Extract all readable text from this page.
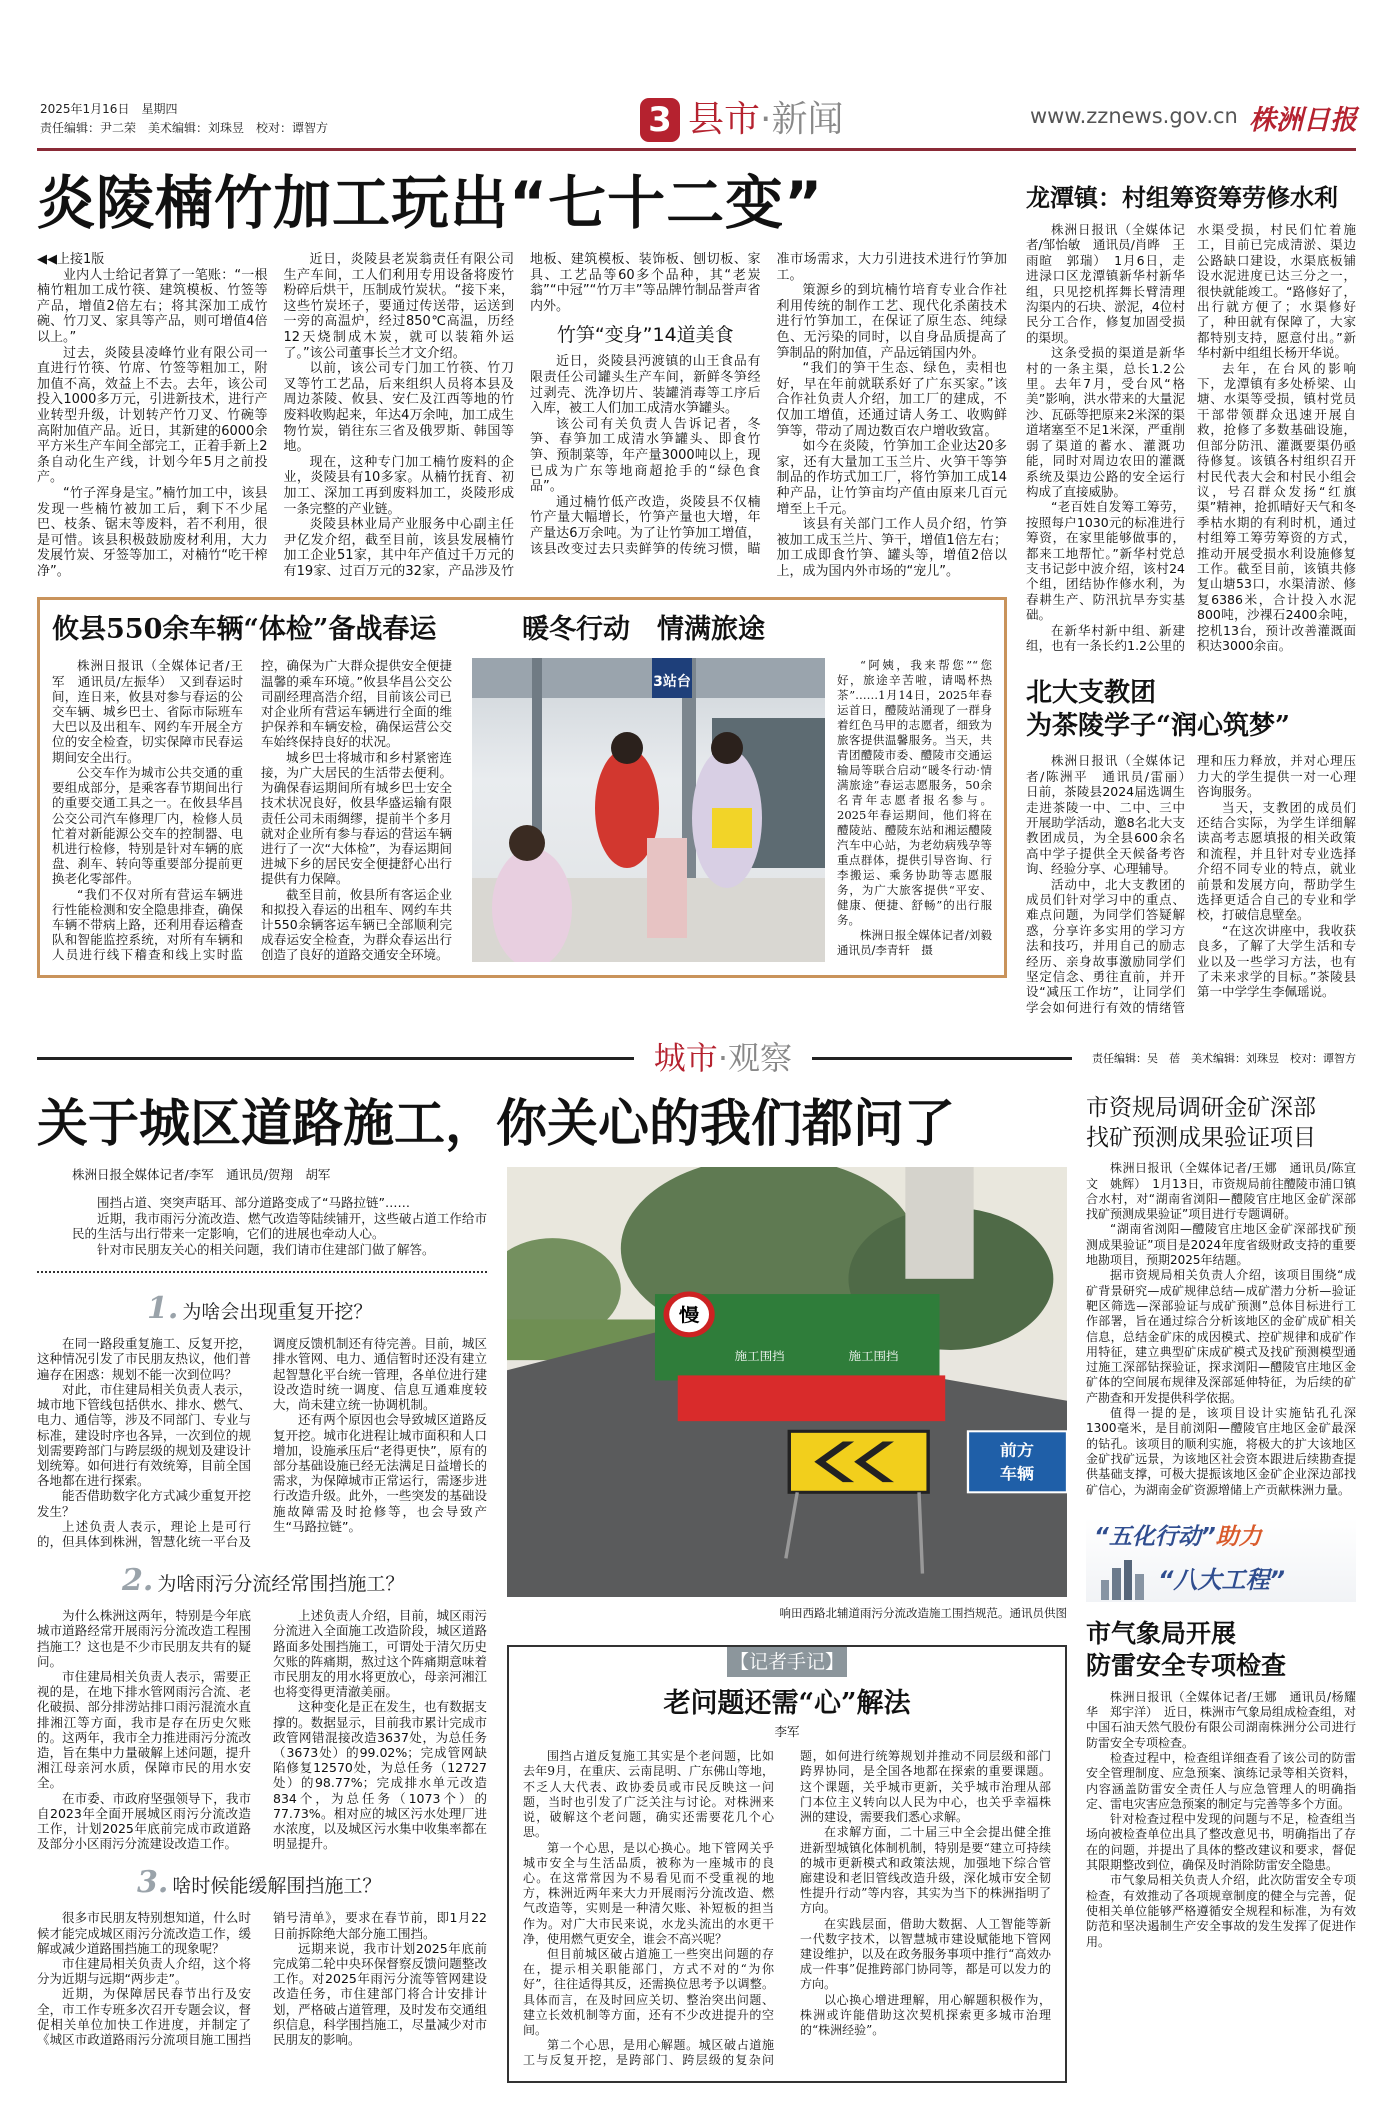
2025年1月16日　星期四
责任编辑：尹二荣　美术编辑：刘珠昱　校对：谭智方	3 县市·新闻	www.zznews.gov.cn 株洲日报
炎陵楠竹加工玩出“七十二变”
◀◀上接1版

业内人士给记者算了一笔账：“一根楠竹粗加工成竹筷、建筑模板、竹签等产品，增值2倍左右；将其深加工成竹碗、竹刀叉、家具等产品，则可增值4倍以上。”

过去，炎陵县凌峰竹业有限公司一直进行竹筷、竹席、竹签等粗加工，附加值不高，效益上不去。去年，该公司投入1000多万元，引进新技术，进行产业转型升级，计划转产竹刀叉、竹碗等高附加值产品。近日，其新建的6000余平方米生产车间全部完工，正着手新上2条自动化生产线，计划今年5月之前投产。

“竹子浑身是宝。”楠竹加工中，该县发现一些楠竹被加工后，剩下不少尾巴、枝条、锯末等废料，若不利用，很是可惜。该县积极鼓励废材利用，大力发展竹炭、牙签等加工，对楠竹“吃干榨净”。

近日，炎陵县老炭翁责任有限公司生产车间，工人们利用专用设备将废竹粉碎后烘干，压制成竹炭状。“接下来，这些竹炭坯子，要通过传送带，运送到一旁的高温炉，经过850℃高温，历经12天烧制成木炭，就可以装箱外运了。”该公司董事长兰才文介绍。

以前，该公司专门加工竹筷、竹刀叉等竹工艺品，后来组织人员将本县及周边茶陵、攸县、安仁及江西等地的竹废料收购起来，年达4万余吨，加工成生物竹炭，销往东三省及俄罗斯、韩国等地。

现在，这种专门加工楠竹废料的企业，炎陵县有10多家。从楠竹抚育、初加工、深加工再到废料加工，炎陵形成一条完整的产业链。

炎陵县林业局产业服务中心副主任尹亿发介绍，截至目前，该县发展楠竹加工企业51家，其中年产值过千万元的有19家、过百万元的32家，产品涉及竹地板、建筑模板、装饰板、刨切板、家具、工艺品等60多个品种，其“老炭翁”“中冠”“竹万丰”等品牌竹制品誉声省内外。

竹笋“变身”14道美食

近日，炎陵县沔渡镇的山王食品有限责任公司罐头生产车间，新鲜冬笋经过剥壳、洗净切片、装罐消毒等工序后入库，被工人们加工成清水笋罐头。

该公司有关负责人告诉记者，冬笋、春笋加工成清水笋罐头、即食竹笋、预制菜等，年产量3000吨以上，现已成为广东等地商超抢手的“绿色食品”。

通过楠竹低产改造，炎陵县不仅楠竹产量大幅增长，竹笋产量也大增，年产量达6万余吨。为了让竹笋加工增值，该县改变过去只卖鲜笋的传统习惯，瞄准市场需求，大力引进技术进行竹笋加工。

策源乡的到坑楠竹培育专业合作社利用传统的制作工艺、现代化杀菌技术进行竹笋加工，在保证了原生态、纯绿色、无污染的同时，以自身品质提高了笋制品的附加值，产品远销国内外。

“我们的笋干生态、绿色，卖相也好，早在年前就联系好了广东买家。”该合作社负责人介绍，加工厂的建成，不仅加工增值，还通过请人务工、收购鲜笋等，带动了周边数百农户增收致富。

如今在炎陵，竹笋加工企业达20多家，还有大量加工玉兰片、火笋干等笋制品的作坊式加工厂，将竹笋加工成14种产品，让竹笋亩均产值由原来几百元增至上千元。

该县有关部门工作人员介绍，竹笋被加工成玉兰片、笋干，增值1倍左右；加工成即食竹笋、罐头等，增值2倍以上，成为国内外市场的“宠儿”。

攸县550余车辆“体检”备战春运

株洲日报讯（全媒体记者/王军　通讯员/左振华）　又到春运时间，连日来，攸县对参与春运的公交车辆、城乡巴士、省际市际班车大巴以及出租车、网约车开展全方位的安全检查，切实保障市民春运期间安全出行。

公交车作为城市公共交通的重要组成部分，是乘客春节期间出行的重要交通工具之一。在攸县华昌公交公司汽车修理厂内，检修人员忙着对新能源公交车的控制器、电机进行检修，特别是针对车辆的底盘、刹车、转向等重要部分提前更换老化零部件。

“我们不仅对所有营运车辆进行性能检测和安全隐患排查，确保车辆不带病上路，还利用春运稽查队和智能监控系统，对所有车辆和人员进行线下稽查和线上实时监控，确保为广大群众提供安全便捷温馨的乘车环境。”攸县华昌公交公司副经理高浩介绍，目前该公司已对企业所有营运车辆进行全面的维护保养和车辆安检，确保运营公交车始终保持良好的状况。

城乡巴士将城市和乡村紧密连接，为广大居民的生活带去便利。为确保春运期间所有城乡巴士安全技术状况良好，攸县华盛运输有限责任公司未雨绸缪，提前半个多月就对企业所有参与春运的营运车辆进行了一次“大体检”，为春运期间进城下乡的居民安全便捷舒心出行提供有力保障。

截至目前，攸县所有客运企业和拟投入春运的出租车、网约车共计550余辆客运车辆已全部顺利完成春运安全检查，为群众春运出行创造了良好的道路交通安全环境。

暖冬行动　情满旅途
3站台

“阿姨，我来帮您”“您好，旅途辛苦啦，请喝杯热茶”……1月14日，2025年春运首日，醴陵站涌现了一群身着红色马甲的志愿者，细致为旅客提供温馨服务。当天，共青团醴陵市委、醴陵市交通运输局等联合启动“暖冬行动·情满旅途”春运志愿服务，50余名青年志愿者报名参与。2025年春运期间，他们将在醴陵站、醴陵东站和湘运醴陵汽车中心站，为老幼病残孕等重点群体，提供引导咨询、行李搬运、乘务协助等志愿服务，为广大旅客提供“平安、健康、便捷、舒畅”的出行服务。

株洲日报全媒体记者/刘毅　通讯员/李青轩　摄

龙潭镇：村组筹资筹劳修水利

株洲日报讯（全媒体记者/邹怡敏　通讯员/肖晔　王雨暄　郭瑞）　1月6日，走进渌口区龙潭镇新华村新华组，只见挖机挥舞长臂清理沟渠内的石块、淤泥，4位村民分工合作，修复加固受损的渠坝。

这条受损的渠道是新华村的一条主渠，总长1.2公里。去年7月，受台风“格美”影响，洪水带来的大量泥沙、瓦砾等把原来2米深的渠道堵塞至不足1米深，严重削弱了渠道的蓄水、灌溉功能，同时对周边农田的灌溉系统及渠边公路的安全运行构成了直接威胁。

“老百姓自发筹工筹劳，按照每户1030元的标准进行筹资，在家里能够做事的，都来工地帮忙。”新华村党总支书记彭中波介绍，该村24个组，团结协作修水利，为春耕生产、防汛抗旱夯实基础。

在新华村新中组、新建组，也有一条长约1.2公里的水渠受损，村民们忙着施工，目前已完成清淤、渠边公路缺口建设，水渠底板铺设水泥进度已达三分之一，很快就能竣工。“路修好了，出行就方便了；水渠修好了，种田就有保障了，大家都特别支持，愿意付出。”新华村新中组组长杨开华说。

去年，在台风的影响下，龙潭镇有多处桥梁、山塘、水渠等受损，镇村党员干部带领群众迅速开展自救，抢修了多数基础设施，但部分防汛、灌溉要渠仍亟待修复。该镇各村组织召开村民代表大会和村民小组会议，号召群众发扬“红旗渠”精神，抢抓晴好天气和冬季枯水期的有利时机，通过村组筹工筹劳筹资的方式，推动开展受损水利设施修复工作。截至目前，该镇共修复山塘53口，水渠清淤、修复6386米，合计投入水泥800吨，沙裸石2400余吨，挖机13台，预计改善灌溉面积达3000余亩。

北大支教团
为茶陵学子“润心筑梦”

株洲日报讯（全媒体记者/陈洲平　通讯员/雷丽）　日前，茶陵县2024届选调生走进茶陵一中、二中、三中开展助学活动，邀8名北大支教团成员，为全县600余名高中学子提供全天候备考咨询、经验分享、心理辅导。

活动中，北大支教团的成员们针对学习中的重点、难点问题，为同学们答疑解惑，分享许多实用的学习方法和技巧，并用自己的励志经历、亲身故事激励同学们坚定信念、勇往直前，并开设“减压工作坊”，让同学们学会如何进行有效的情绪管理和压力释放，并对心理压力大的学生提供一对一心理咨询服务。

当天，支教团的成员们还结合实际，为学生详细解读高考志愿填报的相关政策和流程，并且针对专业选择介绍不同专业的特点，就业前景和发展方向，帮助学生选择更适合自己的专业和学校，打破信息壁垒。

“在这次讲座中，我收获良多，了解了大学生活和专业以及一些学习方法，也有了未来求学的目标。”茶陵县第一中学学生李佩瑶说。

城市·观察	责任编辑：吴　蓓　美术编辑：刘珠昱　校对：谭智方
关于城区道路施工，你关心的我们都问了
株洲日报全媒体记者/李军　通讯员/贺翔　胡军

围挡占道、突突声聒耳、部分道路变成了“马路拉链”……

近期，我市雨污分流改造、燃气改造等陆续铺开，这些破占道工作给市民的生活与出行带来一定影响，它们的进展也牵动人心。

针对市民朋友关心的相关问题，我们请市住建部门做了解答。

1. 为啥会出现重复开挖？

在同一路段重复施工、反复开挖，这种情况引发了市民朋友热议，他们普遍存在困惑：规划不能一次到位吗？

对此，市住建局相关负责人表示，城市地下管线包括供水、排水、燃气、电力、通信等，涉及不同部门、专业与标准，建设时序也各异，一次到位的规划需要跨部门与跨层级的规划及建设计划统筹。如何进行有效统筹，目前全国各地都在进行探索。

能否借助数字化方式减少重复开挖发生？

上述负责人表示，理论上是可行的，但具体到株洲，智慧化统一平台及调度反馈机制还有待完善。目前，城区排水管网、电力、通信暂时还没有建立起智慧化平台统一管理，各单位进行建设改造时统一调度、信息互通难度较大，尚未建立统一协调机制。

还有两个原因也会导致城区道路反复开挖。城市化进程让城市面积和人口增加，设施承压后“老得更快”，原有的部分基础设施已经无法满足日益增长的需求，为保障城市正常运行，需逐步进行改造升级。此外，一些突发的基础设施故障需及时抢修等，也会导致产生“马路拉链”。

2. 为啥雨污分流经常围挡施工？

为什么株洲这两年，特别是今年底城市道路经常开展雨污分流改造工程围挡施工？这也是不少市民朋友共有的疑问。

市住建局相关负责人表示，需要正视的是，在地下排水管网雨污合流、老化破损、部分排涝站排口雨污混流水直排湘江等方面，我市是存在历史欠账的。这两年，我市全力推进雨污分流改造，旨在集中力量破解上述问题，提升湘江母亲河水质，保障市民的用水安全。

在市委、市政府坚强领导下，我市自2023年全面开展城区雨污分流改造工作，计划2025年底前完成市政道路及部分小区雨污分流建设改造工作。

上述负责人介绍，目前，城区雨污分流进入全面施工改造阶段，城区道路路面多处围挡施工，可谓处于清欠历史欠账的阵痛期，熬过这个阵痛期意味着市民朋友的用水将更放心，母亲河湘江也将变得更清澈美丽。

这种变化是正在发生，也有数据支撑的。数据显示，目前我市累计完成市政管网错混接改造3637处，为总任务（3673处）的99.02%；完成管网缺陷修复12570处，为总任务（12727处）的98.77%；完成排水单元改造834个，为总任务（1073个）的77.73%。相对应的城区污水处理厂进水浓度，以及城区污水集中收集率都在明显提升。

3. 啥时候能缓解围挡施工？

很多市民朋友特别想知道，什么时候才能完成城区雨污分流改造工作，缓解或减少道路围挡施工的现象呢？

市住建局相关负责人介绍，这个将分为近期与远期“两步走”。

近期，为保障居民春节出行及安全，市工作专班多次召开专题会议，督促相关单位加快工作进度，并制定了《城区市政道路雨污分流项目施工围挡销号清单》，要求在春节前，即1月22日前拆除绝大部分施工围挡。

远期来说，我市计划2025年底前完成第二轮中央环保督察反馈问题整改工作。对2025年雨污分流等管网建设改造任务，市住建部门将合计安排计划，严格破占道管理，及时发布交通组织信息，科学围挡施工，尽量减少对市民朋友的影响。

慢
施工围挡	施工围挡
前方
车辆
响田西路北辅道雨污分流改造施工围挡规范。通讯员供图
【记者手记】
老问题还需“心”解法
李军

围挡占道反复施工其实是个老问题，比如去年9月，在重庆、云南昆明、广东佛山等地，不乏人大代表、政协委员或市民反映这一问题，当时也引发了广泛关注与讨论。对株洲来说，破解这个老问题，确实还需要花几个心思。

第一个心思，是以心换心。地下管网关乎城市安全与生活品质，被称为一座城市的良心。在这常常因为不易看见而不受重视的地方，株洲近两年来大力开展雨污分流改造、燃气改造等，实则是一种清欠账、补短板的担当作为。对广大市民来说，水龙头流出的水更干净，使用燃气更安全，谁会不高兴呢？

但目前城区破占道施工一些突出问题的存在，提示相关职能部门，方式不对的“为你好”，往往适得其反，还需换位思考予以调整。具体而言，在及时回应关切、整治突出问题、建立长效机制等方面，还有不少改进提升的空间。

第二个心思，是用心解题。城区破占道施工与反复开挖，是跨部门、跨层级的复杂问题，如何进行统筹规划并推动不同层级和部门跨界协同，是全国各地都在探索的重要课题。这个课题，关乎城市更新，关乎城市治理从部门本位主义转向以人民为中心，也关乎幸福株洲的建设，需要我们悉心求解。

在求解方面，二十届三中全会提出健全推进新型城镇化体制机制，特别是要“建立可持续的城市更新模式和政策法规，加强地下综合管廊建设和老旧管线改造升级，深化城市安全韧性提升行动”等内容，其实为当下的株洲指明了方向。

在实践层面，借助大数据、人工智能等新一代数字技术，以智慧城市建设赋能地下管网建设维护，以及在政务服务事项中推行“高效办成一件事”促推跨部门协同等，都是可以发力的方向。

以心换心增进理解，用心解题积极作为，株洲或许能借助这次契机探索更多城市治理的“株洲经验”。

市资规局调研金矿深部
找矿预测成果验证项目

株洲日报讯（全媒体记者/王娜　通讯员/陈宣文　姚辉）　1月13日，市资规局前往醴陵市浦口镇合水村，对“湖南省浏阳—醴陵官庄地区金矿深部找矿预测成果验证”项目进行专题调研。

“湖南省浏阳—醴陵官庄地区金矿深部找矿预测成果验证”项目是2024年度省级财政支持的重要地勘项目，预期2025年结题。

据市资规局相关负责人介绍，该项目围绕“成矿背景研究—成矿规律总结—成矿潜力分析—验证靶区筛选—深部验证与成矿预测”总体目标进行工作部署，旨在通过综合分析该地区的金矿成矿相关信息，总结金矿床的成因模式、控矿规律和成矿作用特征，建立典型矿床成矿模式及找矿预测模型通过施工深部钻探验证，探求浏阳—醴陵官庄地区金矿体的空间展布规律及深部延伸特征，为后续的矿产勘查和开发提供科学依据。

值得一提的是，该项目设计实施钻孔孔深1300毫米，是目前浏阳—醴陵官庄地区金矿最深的钻孔。该项目的顺利实施，将极大的扩大该地区金矿找矿远景，为该地区社会资本跟进后续勘查提供基础支撑，可极大提振该地区金矿企业深边部找矿信心，为湖南金矿资源增储上产贡献株洲力量。

“五化行动”助力
“八大工程”
市气象局开展
防雷安全专项检查

株洲日报讯（全媒体记者/王娜　通讯员/杨耀华　郑宇洋）　近日，株洲市气象局组成检查组，对中国石油天然气股份有限公司湖南株洲分公司进行防雷安全专项检查。

检查过程中，检查组详细查看了该公司的防雷安全管理制度、应急预案、演练记录等相关资料，内容涵盖防雷安全责任人与应急管理人的明确指定、雷电灾害应急预案的制定与完善等多个方面。

针对检查过程中发现的问题与不足，检查组当场向被检查单位出具了整改意见书，明确指出了存在的问题，并提出了具体的整改建议和要求，督促其限期整改到位，确保及时消除防雷安全隐患。

市气象局相关负责人介绍，此次防雷安全专项检查，有效推动了各项规章制度的健全与完善，促使相关单位能够严格遵循安全规程和标准，为有效防范和坚决遏制生产安全事故的发生发挥了促进作用。
